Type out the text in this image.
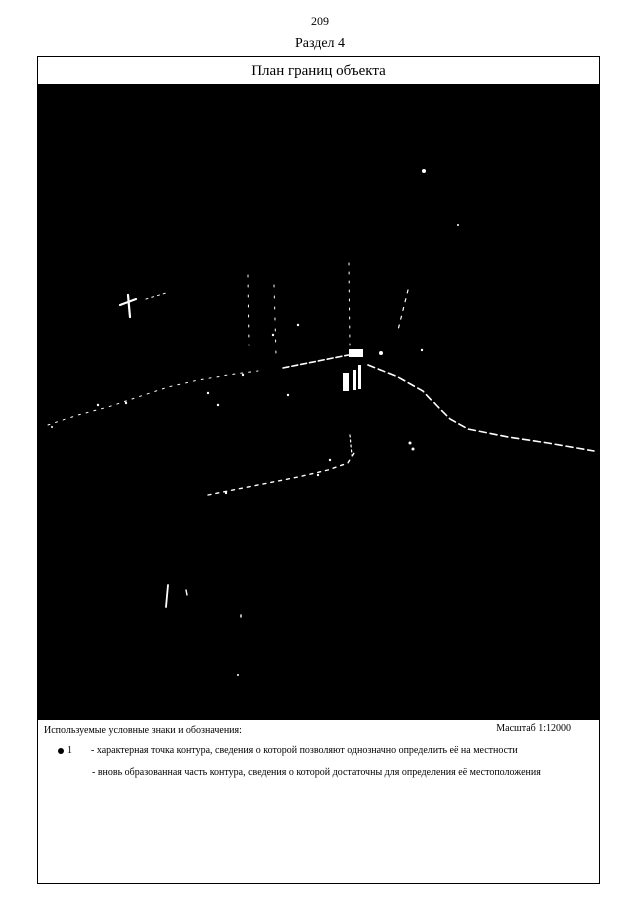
209
Раздел 4
План границ объекта
Используемые условные знаки и обозначения:	Масштаб 1:12000
1 - характерная точка контура, сведения о которой позволяют однозначно определить её на местности
- вновь образованная часть контура, сведения о которой достаточны для определения её местоположения
